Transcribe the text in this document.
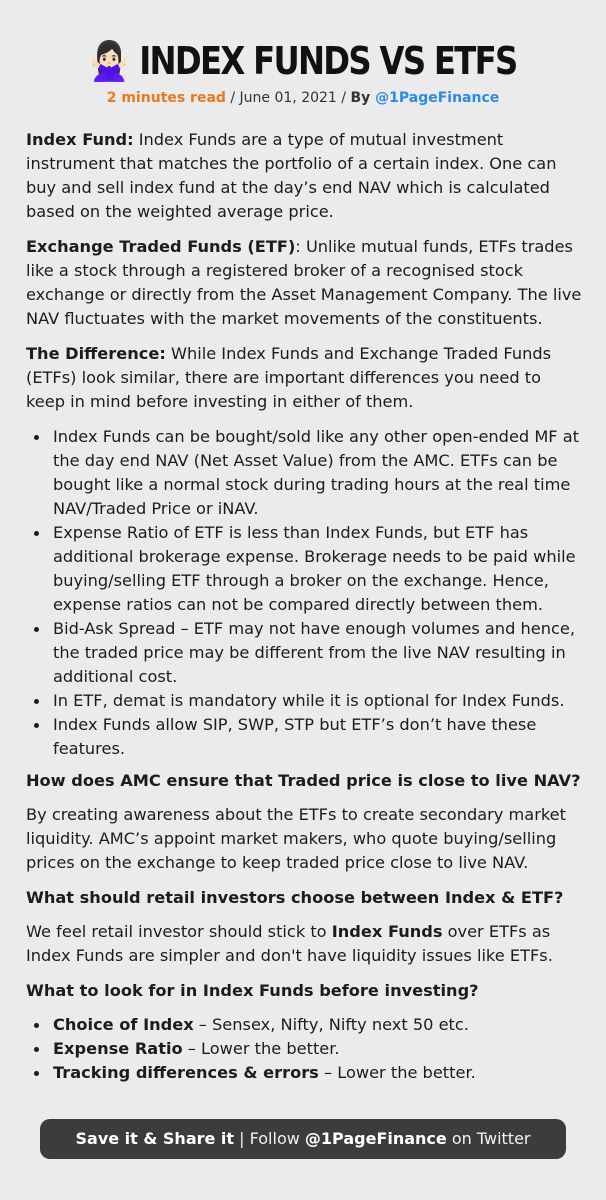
🙅🏻‍♀️ INDEX FUNDS VS ETFS
2 minutes read / June 01, 2021 / By @1PageFinance

Index Fund: Index Funds are a type of mutual investment instrument that matches the portfolio of a certain index. One can buy and sell index fund at the day’s end NAV which is calculated based on the weighted average price.

Exchange Traded Funds (ETF): Unlike mutual funds, ETFs trades like a stock through a registered broker of a recognised stock exchange or directly from the Asset Management Company. The live NAV fluctuates with the market movements of the constituents.

The Difference: While Index Funds and Exchange Traded Funds (ETFs) look similar, there are important differences you need to keep in mind before investing in either of them.

Index Funds can be bought/sold like any other open-ended MF at the day end NAV (Net Asset Value) from the AMC. ETFs can be bought like a normal stock during trading hours at the real time NAV/Traded Price or iNAV.
Expense Ratio of ETF is less than Index Funds, but ETF has additional brokerage expense. Brokerage needs to be paid while buying/selling ETF through a broker on the exchange. Hence, expense ratios can not be compared directly between them.
Bid-Ask Spread – ETF may not have enough volumes and hence, the traded price may be different from the live NAV resulting in additional cost.
In ETF, demat is mandatory while it is optional for Index Funds.
Index Funds allow SIP, SWP, STP but ETF’s don’t have these features.
How does AMC ensure that Traded price is close to live NAV?

By creating awareness about the ETFs to create secondary market liquidity. AMC’s appoint market makers, who quote buying/selling prices on the exchange to keep traded price close to live NAV.

What should retail investors choose between Index & ETF?

We feel retail investor should stick to Index Funds over ETFs as Index Funds are simpler and don't have liquidity issues like ETFs.

What to look for in Index Funds before investing?
Choice of Index – Sensex, Nifty, Nifty next 50 etc.
Expense Ratio – Lower the better.
Tracking differences & errors – Lower the better.
Save it & Share it | Follow @1PageFinance on Twitter
